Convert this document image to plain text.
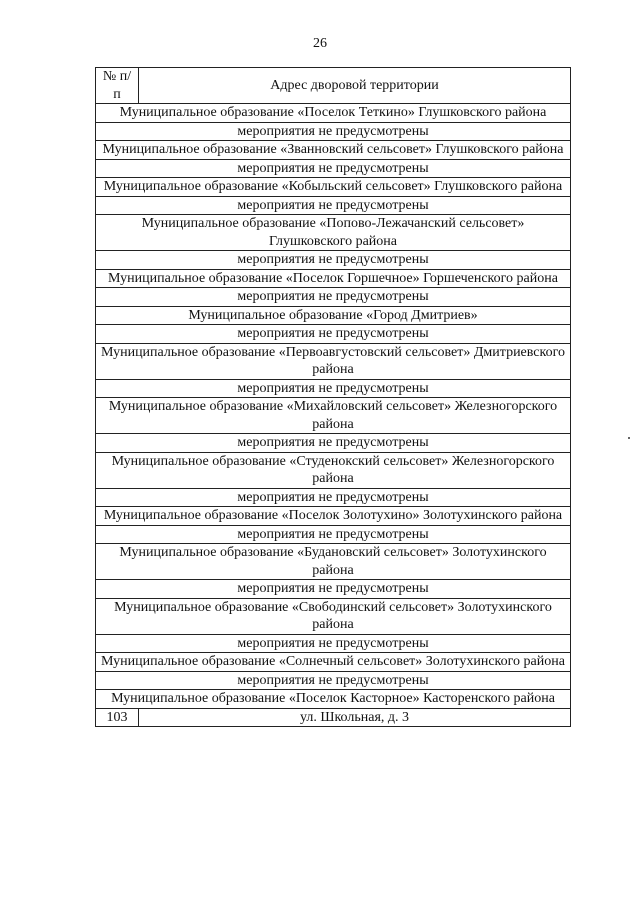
26
№ п/п	Адрес дворовой территории
Муниципальное образование «Поселок Теткино» Глушковского района	
мероприятия не предусмотрены	
Муниципальное образование «Званновский сельсовет» Глушковского района	
мероприятия не предусмотрены	
Муниципальное образование «Кобыльский сельсовет» Глушковского района	
мероприятия не предусмотрены	
Муниципальное образование «Попово-Лежачанский сельсовет» Глушковского района	
мероприятия не предусмотрены	
Муниципальное образование «Поселок Горшечное» Горшеченского района	
мероприятия не предусмотрены	
Муниципальное образование «Город Дмитриев»	
мероприятия не предусмотрены	
Муниципальное образование «Первоавгустовский сельсовет» Дмитриевского района	
мероприятия не предусмотрены	
Муниципальное образование «Михайловский сельсовет» Железногорского района	
мероприятия не предусмотрены	
Муниципальное образование «Студенокский сельсовет» Железногорского района	
мероприятия не предусмотрены	
Муниципальное образование «Поселок Золотухино» Золотухинского района	
мероприятия не предусмотрены	
Муниципальное образование «Будановский сельсовет» Золотухинского района	
мероприятия не предусмотрены	
Муниципальное образование «Свободинский сельсовет» Золотухинского района	
мероприятия не предусмотрены	
Муниципальное образование «Солнечный сельсовет» Золотухинского района	
мероприятия не предусмотрены	
Муниципальное образование «Поселок Касторное» Касторенского района	
103	ул. Школьная, д. 3
